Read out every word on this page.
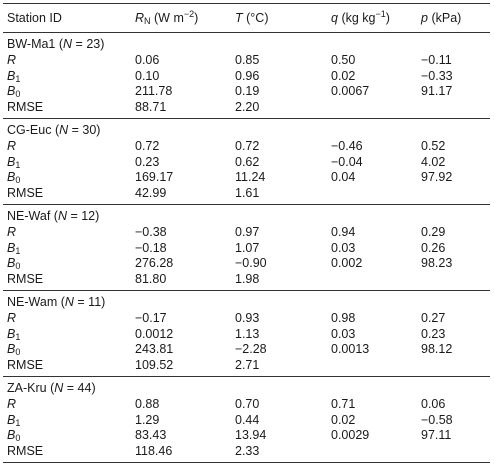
Station ID	$R_N$ (W $m^{-2}$)	T (°C)	q (kg $kg^{-1}$)	p (kPa)
BW-Ma1 (N = 23)				
R	0.06	0.85	0.50	−0.11
$B_1$	0.10	0.96	0.02	−0.33
$B_0$	211.78	0.19	0.0067	91.17
RMSE	88.71	2.20		
CG-Euc (N = 30)				
R	0.72	0.72	−0.46	0.52
$B_1$	0.23	0.62	−0.04	4.02
$B_0$	169.17	11.24	0.04	97.92
RMSE	42.99	1.61		
NE-Waf (N = 12)				
R	−0.38	0.97	0.94	0.29
$B_1$	−0.18	1.07	0.03	0.26
$B_0$	276.28	−0.90	0.002	98.23
RMSE	81.80	1.98		
NE-Wam (N = 11)				
R	−0.17	0.93	0.98	0.27
$B_1$	0.0012	1.13	0.03	0.23
$B_0$	243.81	−2.28	0.0013	98.12
RMSE	109.52	2.71		
ZA-Kru (N = 44)				
R	0.88	0.70	0.71	0.06
$B_1$	1.29	0.44	0.02	−0.58
$B_0$	83.43	13.94	0.0029	97.11
RMSE	118.46	2.33		
